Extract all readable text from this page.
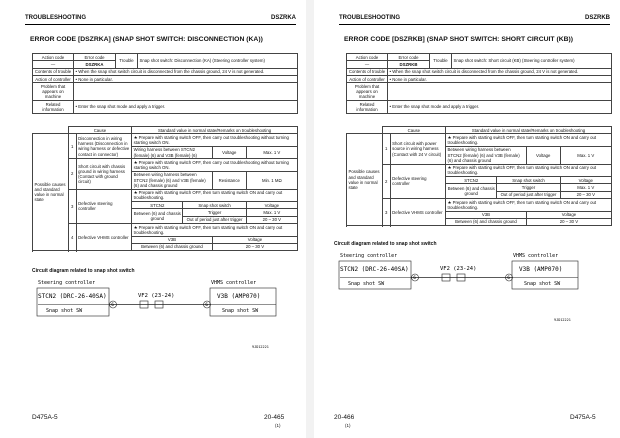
TROUBLESHOOTING	DSZRKA
ERROR CODE [DSZRKA] (SNAP SHOT SWITCH: DISCONNECTION (KA))
Action code	Error code	Trouble	Snap shot switch: Disconnection (KA) (Steering controller system)
—	DSZRKA		
Contents of trouble	• When the snap shot switch circuit is disconnected from the chassis ground, 24 V is not generated.		
Action of controller	• None in particular.		
Problem that appears on machine			
Related information	• Enter the snap shot mode and apply a trigger.		
	Cause		Standard value in normal state/Remarks on troubleshooting			
Possible causes and standard value in normal state	1	Disconnection in wiring harness (Disconnection in wiring harness or defective contact in connector)	★ Prepare with starting switch OFF, then carry out troubleshooting without turning starting switch ON.			
			Wiring harness between STCN2 (female) (6) and V3B (female) (6)		Voltage	Max. 1 V
	2	Short circuit with chassis ground in wiring harness (Contact with ground circuit)	★ Prepare with starting switch OFF, then carry out troubleshooting without turning starting switch ON.			
			Between wiring harness between STCN2 (female) (6) and V3B (female) (6) and chassis ground		Resistance	Min. 1 MΩ
	3	Defective steering controller	★ Prepare with starting switch OFF, then turn starting switch ON and carry out troubleshooting.			
			STCN2	Snap shot switch		Voltage
			Between (6) and chassis ground	Trigger		Max. 1 V
				Out of period just after trigger		20 – 30 V

	4	Defective VHMS controller	★ Prepare with starting switch OFF, then turn starting switch ON and carry out troubleshooting.			
			V3B		Voltage	
			Between (6) and chassis ground		20 – 30 V	

Circuit diagram related to snap shot switch
Steering controller	VHMS controller
STCN2 (DRC-26-40SA)	VF2 (23-24)	V3B (AMP070)
Snap shot SW	Snap shot SW
6	6
9JD12221
D475A-5	20-465
(1)
TROUBLESHOOTING	DSZRKB
ERROR CODE [DSZRKB] (SNAP SHOT SWITCH: SHORT CIRCUIT (KB))
Action code	Error code	Trouble	Snap shot switch: Short circuit (KB) (Steering controller system)
—	DSZRKB		
Contents of trouble	• When the snap shot switch circuit is disconnected from the chassis ground, 24 V is not generated.		
Action of controller	• None in particular.		
Problem that appears on machine			
Related information	• Enter the snap shot mode and apply a trigger.		
	Cause		Standard value in normal state/Remarks on troubleshooting			
Possible causes and standard value in normal state	1	Short circuit with power source in wiring harness (Contact with 24 V circuit)	★ Prepare with starting switch OFF, then turn starting switch ON and carry out troubleshooting.			
			Between wiring harness between STCN2 (female) (6) and V3B (female) (6) and chassis ground		Voltage	Max. 1 V
	2	Defective steering controller	★ Prepare with starting switch OFF, then turn starting switch ON and carry out troubleshooting.			
			STCN2	Snap shot switch		Voltage
			Between (6) and chassis ground	Trigger		Max. 1 V
				Out of period just after trigger		20 – 30 V
	3	Defective VHMS controller	★ Prepare with starting switch OFF, then turn starting switch ON and carry out troubleshooting.			
			V3B		Voltage	
			Between (6) and chassis ground		20 – 30 V	

Circuit diagram related to snap shot switch
Steering controller	VHMS controller
STCN2 (DRC-26-40SA)	VF2 (23-24)	V3B (AMP070)
Snap shot SW	Snap shot SW
6	6
9JD12221
20-466
(1)
D475A-5
